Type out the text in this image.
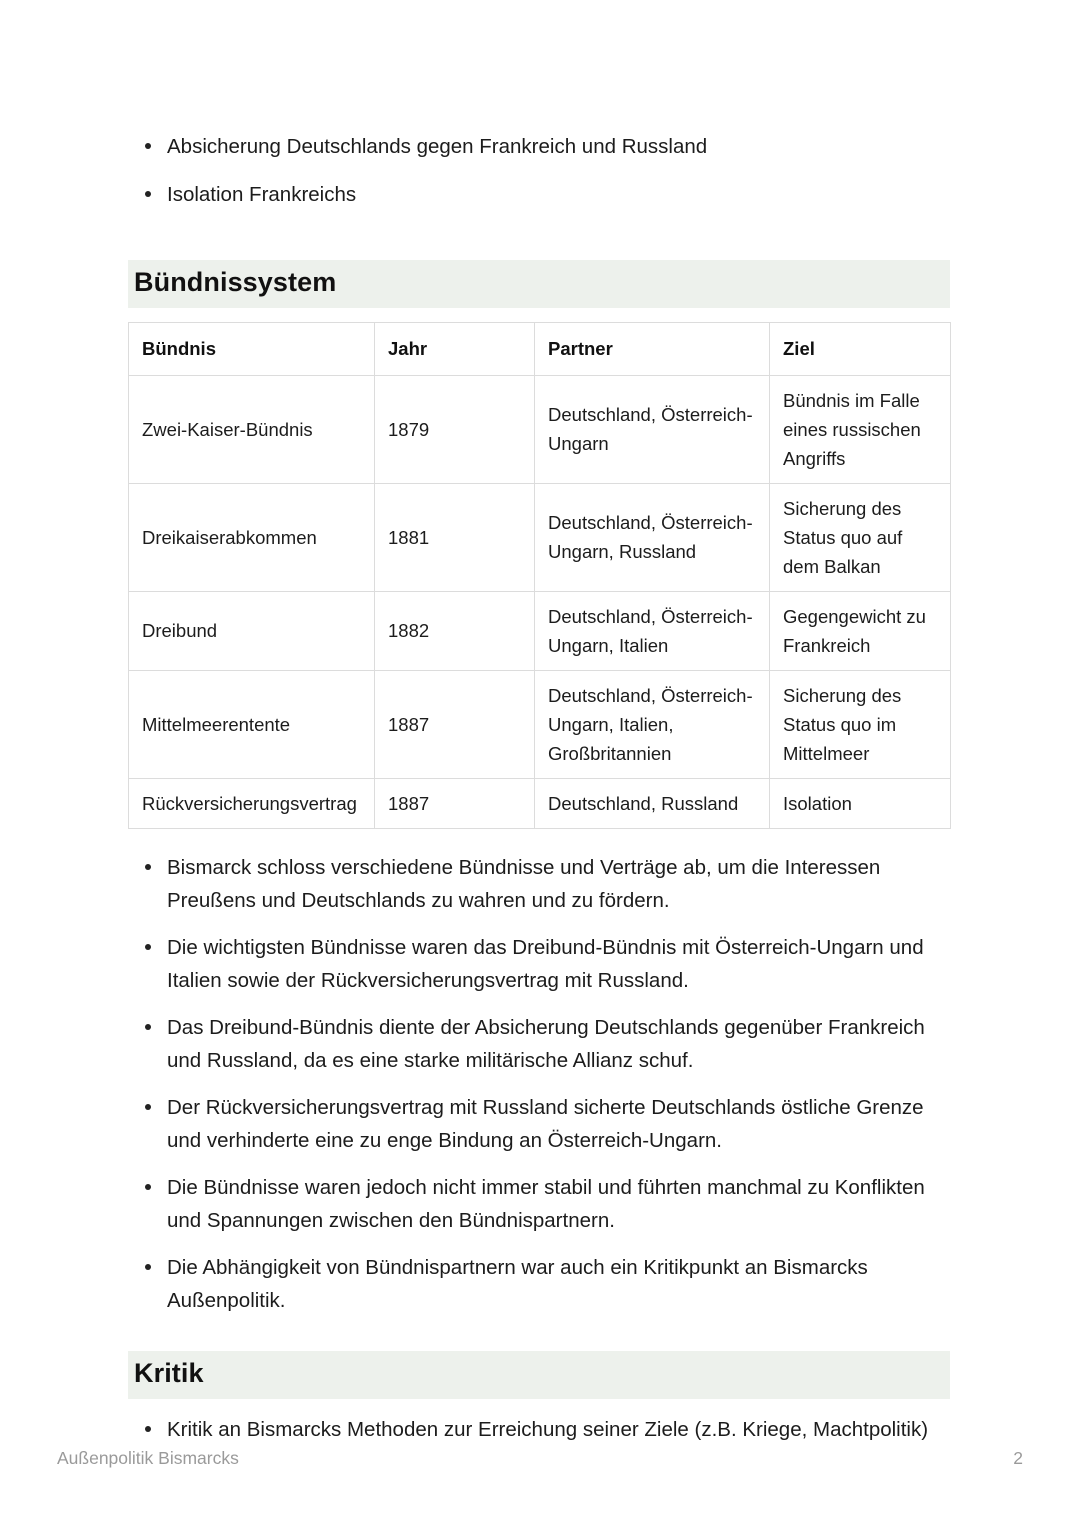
Absicherung Deutschlands gegen Frankreich und Russland
Isolation Frankreichs
Bündnissystem
Bündnis	Jahr	Partner	Ziel
Zwei-Kaiser-Bündnis	1879	Deutschland, Österreich-Ungarn	Bündnis im Falle eines russischen Angriffs
Dreikaiserabkommen	1881	Deutschland, Österreich-Ungarn, Russland	Sicherung des Status quo auf dem Balkan
Dreibund	1882	Deutschland, Österreich-Ungarn, Italien	Gegengewicht zu Frankreich
Mittelmeerentente	1887	Deutschland, Österreich-Ungarn, Italien, Großbritannien	Sicherung des Status quo im Mittelmeer
Rückversicherungsvertrag	1887	Deutschland, Russland	Isolation
Bismarck schloss verschiedene Bündnisse und Verträge ab, um die Interessen Preußens und Deutschlands zu wahren und zu fördern.
Die wichtigsten Bündnisse waren das Dreibund-Bündnis mit Österreich-Ungarn und Italien sowie der Rückversicherungsvertrag mit Russland.
Das Dreibund-Bündnis diente der Absicherung Deutschlands gegenüber Frankreich und Russland, da es eine starke militärische Allianz schuf.
Der Rückversicherungsvertrag mit Russland sicherte Deutschlands östliche Grenze und verhinderte eine zu enge Bindung an Österreich-Ungarn.
Die Bündnisse waren jedoch nicht immer stabil und führten manchmal zu Konflikten und Spannungen zwischen den Bündnispartnern.
Die Abhängigkeit von Bündnispartnern war auch ein Kritikpunkt an Bismarcks Außenpolitik.
Kritik
Kritik an Bismarcks Methoden zur Erreichung seiner Ziele (z.B. Kriege, Machtpolitik)
Außenpolitik Bismarcks	2
